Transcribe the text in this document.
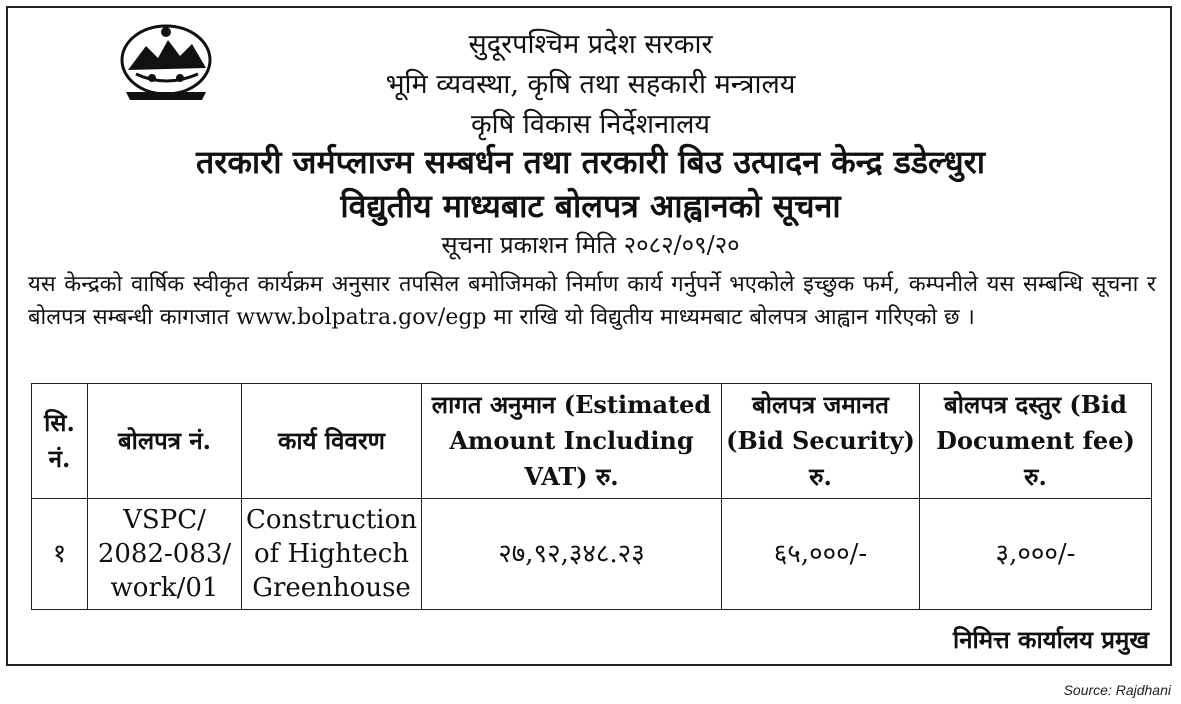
सुदूरपश्चिम प्रदेश सरकार
भूमि व्यवस्था, कृषि तथा सहकारी मन्त्रालय
कृषि विकास निर्देशनालय
तरकारी जर्मप्लाज्म सम्बर्धन तथा तरकारी बिउ उत्पादन केन्द्र डडेल्धुरा
विद्युतीय माध्यबाट बोलपत्र आह्वानको सूचना
सूचना प्रकाशन मिति २०८२/०९/२०
यस केन्द्रको वार्षिक स्वीकृत कार्यक्रम अनुसार तपसिल बमोजिमको निर्माण कार्य गर्नुपर्ने भएकोले इच्छुक फर्म, कम्पनीले यस सम्बन्धि सूचना र बोलपत्र सम्बन्धी कागजात www.bolpatra.gov/egp मा राखि यो विद्युतीय माध्यमबाट बोलपत्र आह्वान गरिएको छ ।
सि. नं.	बोलपत्र नं.	कार्य विवरण	लागत अनुमान (Estimated Amount Including VAT) रु.	बोलपत्र जमानत (Bid Security) रु.	बोलपत्र दस्तुर (Bid Document fee) रु.
१	VSPC/ 2082-083/ work/01	Construction of Hightech Greenhouse	२७,९२,३४८.२३	६५,०००/-	३,०००/-
निमित्त कार्यालय प्रमुख
Source: Rajdhani
